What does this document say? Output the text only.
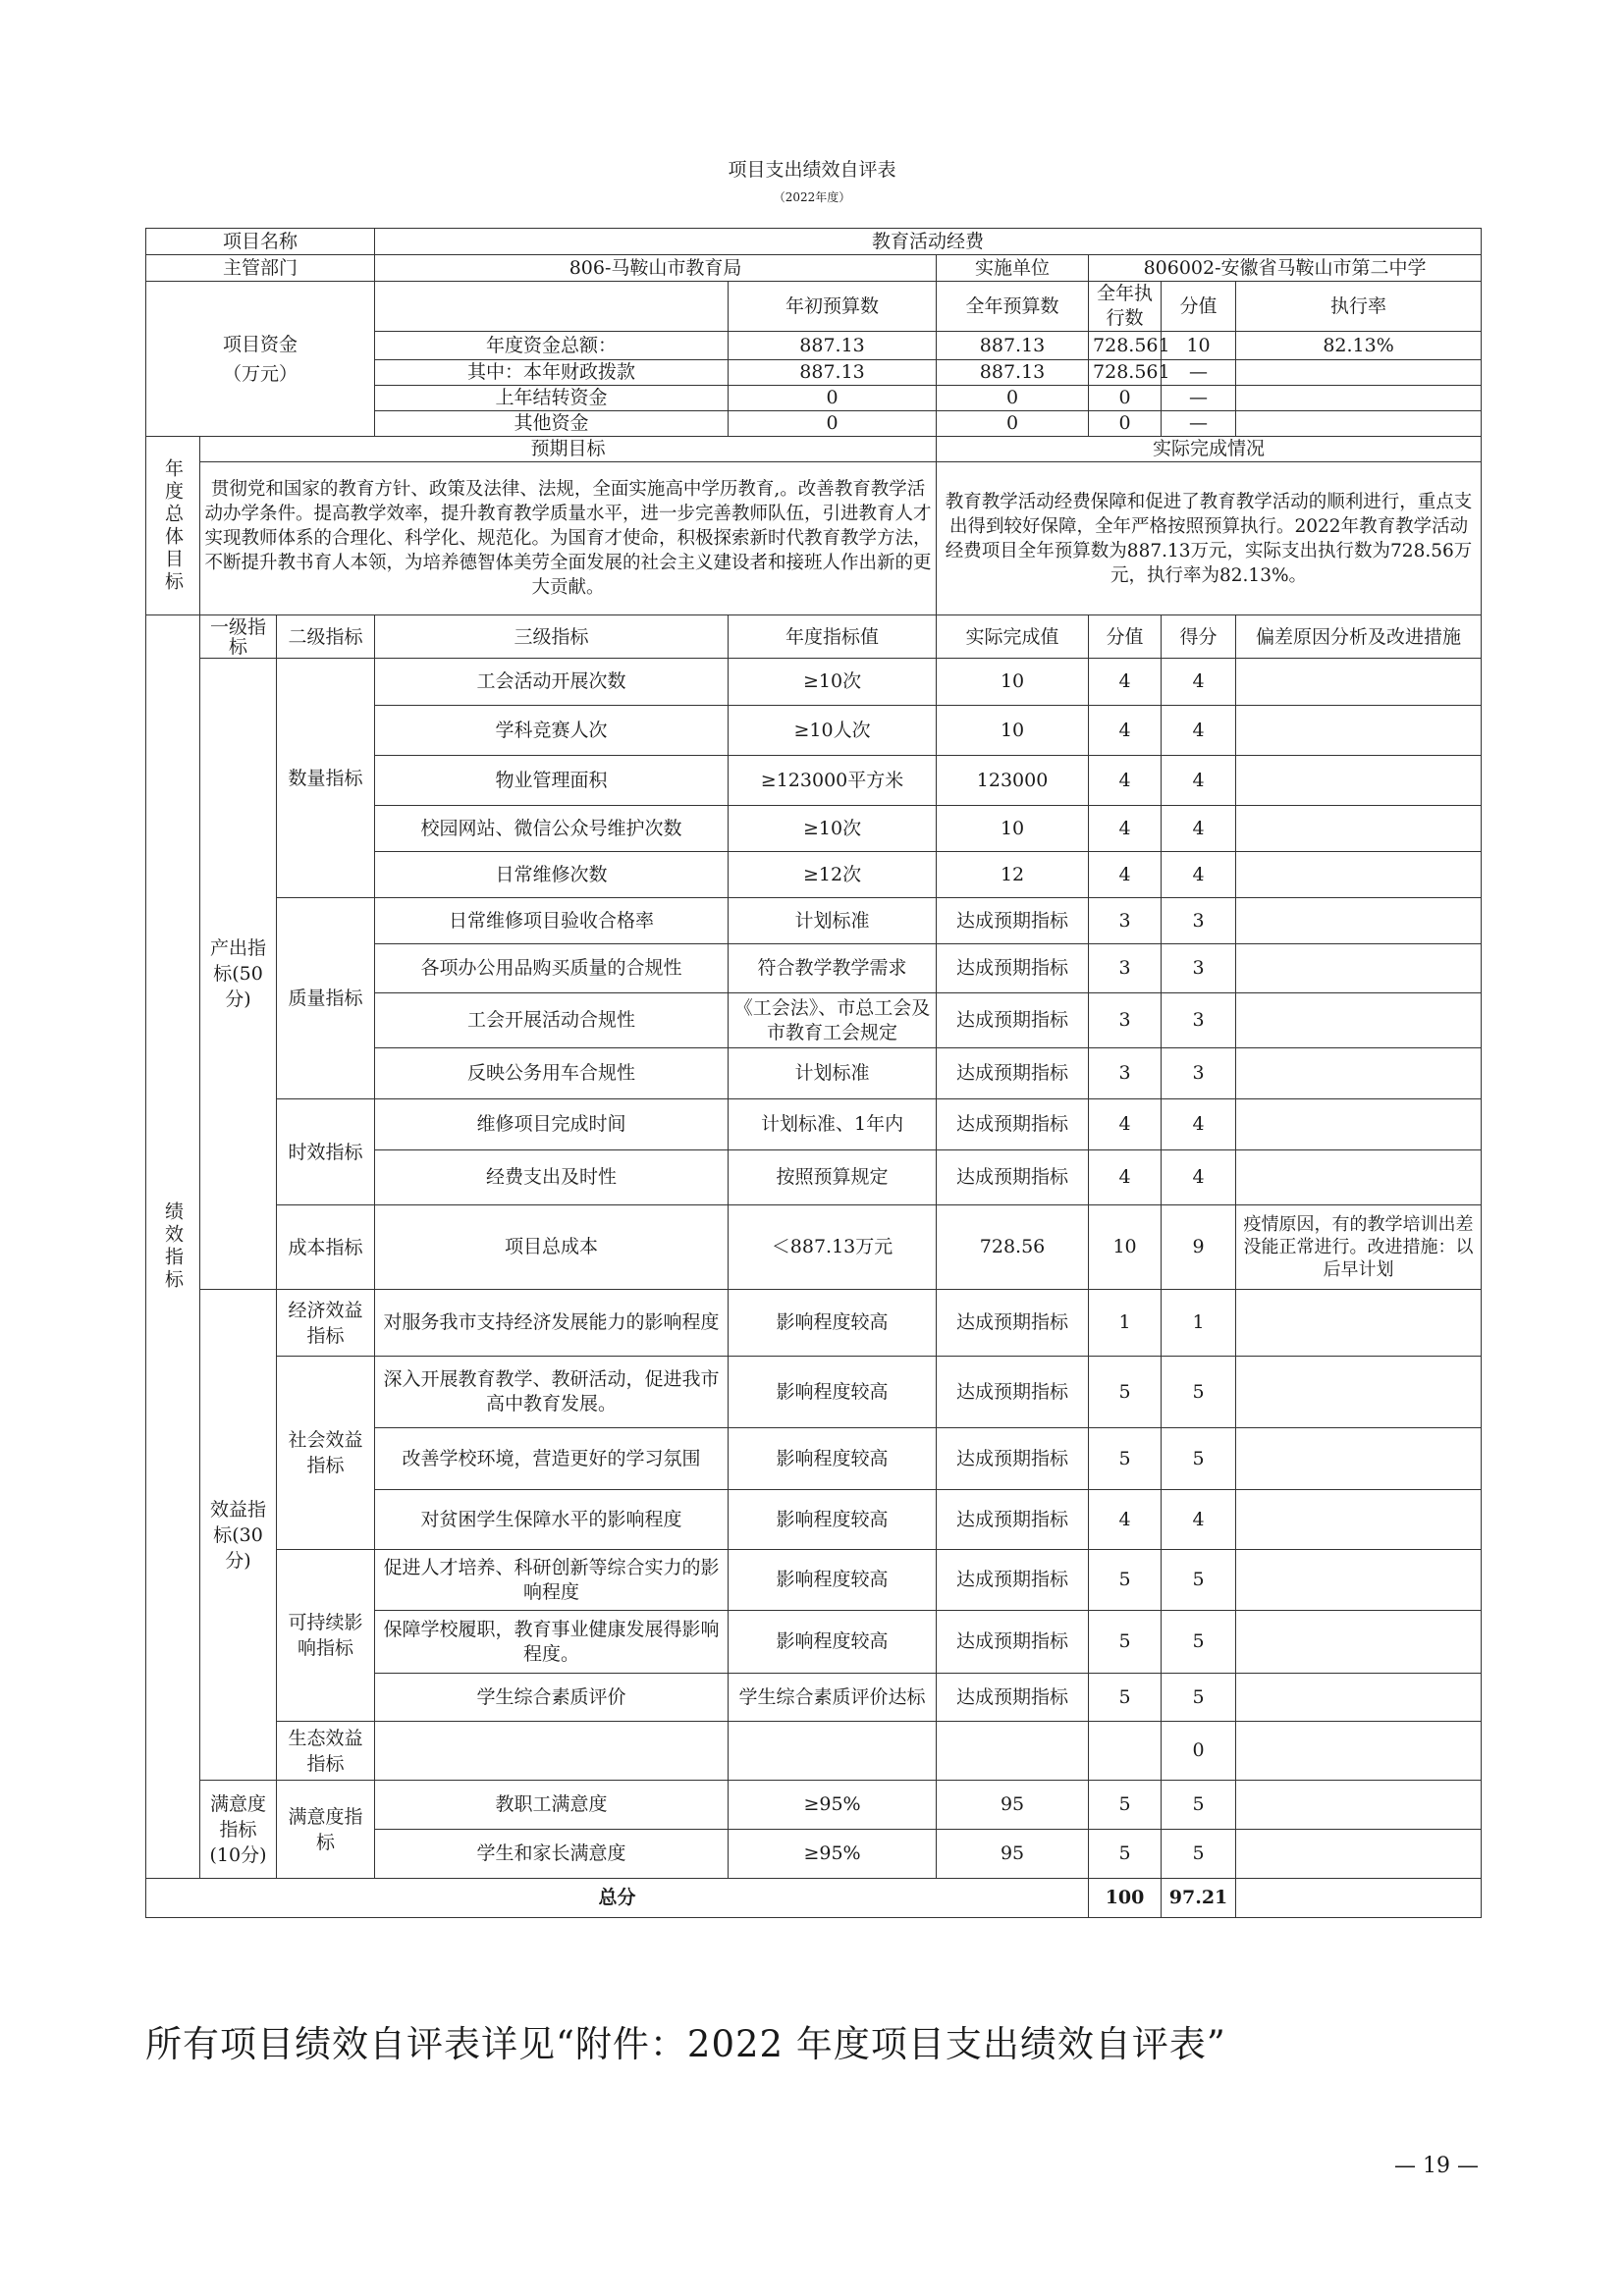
项目支出绩效自评表
（2022年度）
项目名称			教育活动经费						
主管部门			806-马鞍山市教育局		实施单位	806002-安徽省马鞍山市第二中学			
项目资金
（万元）				年初预算数	全年预算数	全年执行数	分值	执行率	
			年度资金总额：	887.13	887.13	728.561	10	82.13%	
			其中：本年财政拨款	887.13	887.13	728.561	—		
			上年结转资金	0	0	0	—		
			其他资金	0	0	0	—		

年度总体目标	预期目标				实际完成情况				
	贯彻党和国家的教育方针、政策及法律、法规，全面实施高中学历教育,。改善教育教学活动办学条件。提高教学效率，提升教育教学质量水平，进一步完善教师队伍，引进教育人才实现教师体系的合理化、科学化、规范化。为国育才使命，积极探索新时代教育教学方法，不断提升教书育人本领，为培养德智体美劳全面发展的社会主义建设者和接班人作出新的更大贡献。				教育教学活动经费保障和促进了教育教学活动的顺利进行，重点支出得到较好保障，全年严格按照预算执行。2022年教育教学活动经费项目全年预算数为887.13万元，实际支出执行数为728.56万元，执行率为82.13%。				

绩效指标	一级指标	二级指标	三级指标	年度指标值	实际完成值	分值	得分	偏差原因分析及改进措施	
	产出指标(50分)	数量指标	工会活动开展次数	≥10次	10	4	4		
			学科竞赛人次	≥10人次	10	4	4		
			物业管理面积	≥123000平方米	123000	4	4		
			校园网站、微信公众号维护次数	≥10次	10	4	4		
			日常维修次数	≥12次	12	4	4		
		质量指标	日常维修项目验收合格率	计划标准	达成预期指标	3	3		
			各项办公用品购买质量的合规性	符合教学教学需求	达成预期指标	3	3		
			工会开展活动合规性	《工会法》、市总工会及市教育工会规定	达成预期指标	3	3		
			反映公务用车合规性	计划标准	达成预期指标	3	3		
		时效指标	维修项目完成时间	计划标准、1年内	达成预期指标	4	4		
			经费支出及时性	按照预算规定	达成预期指标	4	4		
		成本指标	项目总成本	＜887.13万元	728.56	10	9	疫情原因，有的教学培训出差没能正常进行。改进措施：以后早计划	
	效益指标(30分)	经济效益指标	对服务我市支持经济发展能力的影响程度	影响程度较高	达成预期指标	1	1		
		社会效益指标	深入开展教育教学、教研活动，促进我市高中教育发展。	影响程度较高	达成预期指标	5	5		
			改善学校环境，营造更好的学习氛围	影响程度较高	达成预期指标	5	5		
			对贫困学生保障水平的影响程度	影响程度较高	达成预期指标	4	4		
		可持续影响指标	促进人才培养、科研创新等综合实力的影响程度	影响程度较高	达成预期指标	5	5		
			保障学校履职，教育事业健康发展得影响程度。	影响程度较高	达成预期指标	5	5		
			学生综合素质评价	学生综合素质评价达标	达成预期指标	5	5		
		生态效益指标					0		
	满意度指标(10分)	满意度指标	教职工满意度	≥95%	95	5	5		
			学生和家长满意度	≥95%	95	5	5		
总分						100	97.21		
所有项目绩效自评表详见“附件：2022 年度项目支出绩效自评表”
— 19 —
